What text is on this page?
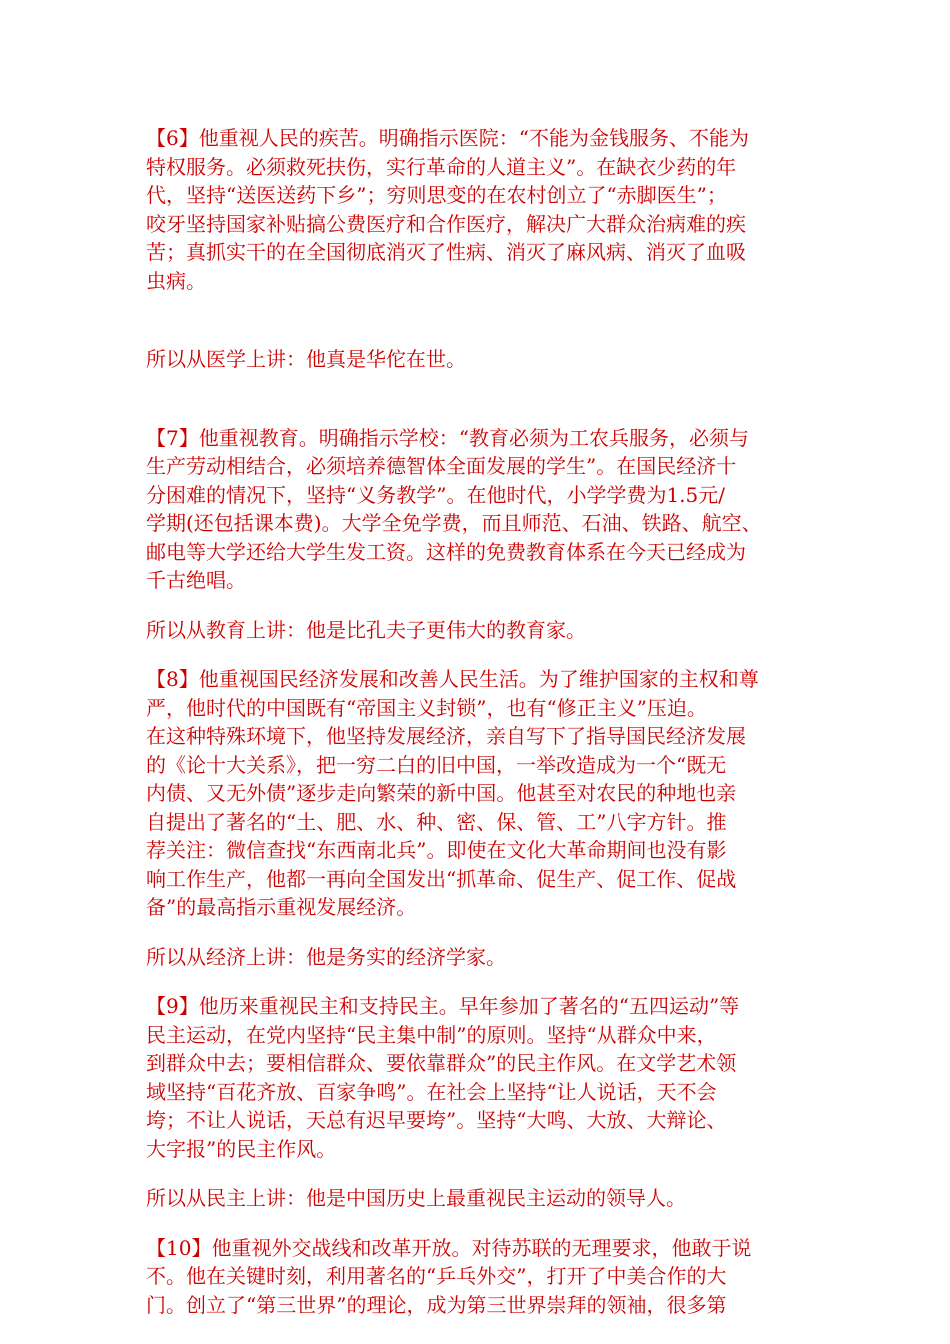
【6】他重视人民的疾苦。明确指示医院：“不能为金钱服务、不能为
特权服务。必须救死扶伤，实行革命的人道主义”。在缺衣少药的年
代，坚持“送医送药下乡”；穷则思变的在农村创立了“赤脚医生”；
咬牙坚持国家补贴搞公费医疗和合作医疗，解决广大群众治病难的疾
苦；真抓实干的在全国彻底消灭了性病、消灭了麻风病、消灭了血吸
虫病。
所以从医学上讲：他真是华佗在世。
【7】他重视教育。明确指示学校：“教育必须为工农兵服务，必须与
生产劳动相结合，必须培养德智体全面发展的学生”。在国民经济十
分困难的情况下，坚持“义务教学”。在他时代，小学学费为1.5元/
学期(还包括课本费)。大学全免学费，而且师范、石油、铁路、航空、
邮电等大学还给大学生发工资。这样的免费教育体系在今天已经成为
千古绝唱。
所以从教育上讲：他是比孔夫子更伟大的教育家。
【8】他重视国民经济发展和改善人民生活。为了维护国家的主权和尊
严，他时代的中国既有“帝国主义封锁”，也有“修正主义”压迫。
在这种特殊环境下，他坚持发展经济，亲自写下了指导国民经济发展
的《论十大关系》，把一穷二白的旧中国，一举改造成为一个“既无
内债、又无外债”逐步走向繁荣的新中国。他甚至对农民的种地也亲
自提出了著名的“土、肥、水、种、密、保、管、工”八字方针。推
荐关注：微信查找“东西南北兵”。即使在文化大革命期间也没有影
响工作生产，他都一再向全国发出“抓革命、促生产、促工作、促战
备”的最高指示重视发展经济。
所以从经济上讲：他是务实的经济学家。
【9】他历来重视民主和支持民主。早年参加了著名的“五四运动”等
民主运动，在党内坚持“民主集中制”的原则。坚持“从群众中来，
到群众中去；要相信群众、要依靠群众”的民主作风。在文学艺术领
域坚持“百花齐放、百家争鸣”。在社会上坚持“让人说话，天不会
垮；不让人说话，天总有迟早要垮”。坚持“大鸣、大放、大辩论、
大字报”的民主作风。
所以从民主上讲：他是中国历史上最重视民主运动的领导人。
【10】他重视外交战线和改革开放。对待苏联的无理要求，他敢于说
不。他在关键时刻，利用著名的“乒乓外交”，打开了中美合作的大
门。创立了“第三世界”的理论，成为第三世界崇拜的领袖，很多第
